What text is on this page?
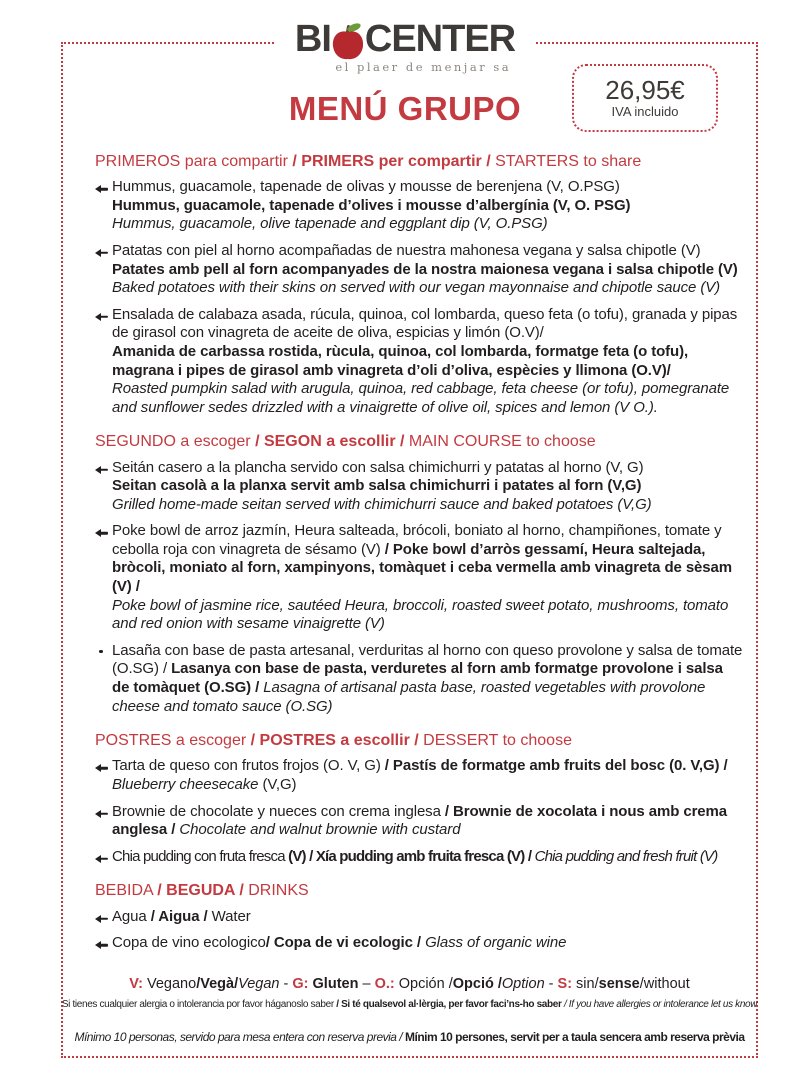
BI CENTER
el plaer de menjar sa
MENÚ GRUPO
26,95€
IVA incluido
PRIMEROS para compartir / PRIMERS per compartir / STARTERS to share
Hummus, guacamole, tapenade de olivas y mousse de berenjena (V, O.PSG)
Hummus, guacamole, tapenade d’olives i mousse d’albergínia (V, O. PSG)
Hummus, guacamole, olive tapenade and eggplant dip (V, O.PSG)
Patatas con piel al horno acompañadas de nuestra mahonesa vegana y salsa chipotle (V)
Patates amb pell al forn acompanyades de la nostra maionesa vegana i salsa chipotle (V)
Baked potatoes with their skins on served with our vegan mayonnaise and chipotle sauce (V)
Ensalada de calabaza asada, rúcula, quinoa, col lombarda, queso feta (o tofu), granada y pipas de girasol con vinagreta de aceite de oliva, espicias y limón (O.V)/
Amanida de carbassa rostida, rùcula, quinoa, col lombarda, formatge feta (o tofu), magrana i pipes de girasol amb vinagreta d’oli d’oliva, espècies y llimona (O.V)/
Roasted pumpkin salad with arugula, quinoa, red cabbage, feta cheese (or tofu), pomegranate and sunflower sedes drizzled with a vinaigrette of olive oil, spices and lemon (V O.).
SEGUNDO a escoger / SEGON a escollir / MAIN COURSE to choose
Seitán casero a la plancha servido con salsa chimichurri y patatas al horno (V, G)
Seitan casolà a la planxa servit amb salsa chimichurri i patates al forn (V,G)
Grilled home-made seitan served with chimichurri sauce and baked potatoes (V,G)
Poke bowl de arroz jazmín, Heura salteada, brócoli, boniato al horno, champiñones, tomate y cebolla roja con vinagreta de sésamo (V) / Poke bowl d’arròs gessamí, Heura saltejada, bròcoli, moniato al forn, xampinyons, tomàquet i ceba vermella amb vinagreta de sèsam (V) /
Poke bowl of jasmine rice, sautéed Heura, broccoli, roasted sweet potato, mushrooms, tomato and red onion with sesame vinaigrette (V)
Lasaña con base de pasta artesanal, verduritas al horno con queso provolone y salsa de tomate (O.SG) / Lasanya con base de pasta, verduretes al forn amb formatge provolone i salsa de tomàquet (O.SG) / Lasagna of artisanal pasta base, roasted vegetables with provolone cheese and tomato sauce (O.SG)
POSTRES a escoger / POSTRES a escollir / DESSERT to choose
Tarta de queso con frutos frojos (O. V, G) / Pastís de formatge amb fruits del bosc (0. V,G) / Blueberry cheesecake (V,G)
Brownie de chocolate y nueces con crema inglesa / Brownie de xocolata i nous amb crema anglesa / Chocolate and walnut brownie with custard
Chia pudding con fruta fresca (V) / Xía pudding amb fruita fresca (V) / Chia pudding and fresh fruit (V)
BEBIDA / BEGUDA / DRINKS
Agua / Aigua / Water
Copa de vino ecologico/ Copa de vi ecologic / Glass of organic wine
V: Vegano/Vegà/Vegan - G: Gluten – O.: Opción /Opció /Option - S: sin/sense/without
Si tienes cualquier alergia o intolerancia por favor háganoslo saber / Si té qualsevol al·lèrgia, per favor faci’ns-ho saber / If you have allergies or intolerance let us know
Mínimo 10 personas, servido para mesa entera con reserva previa / Mínim 10 persones, servit per a taula sencera amb reserva prèvia
